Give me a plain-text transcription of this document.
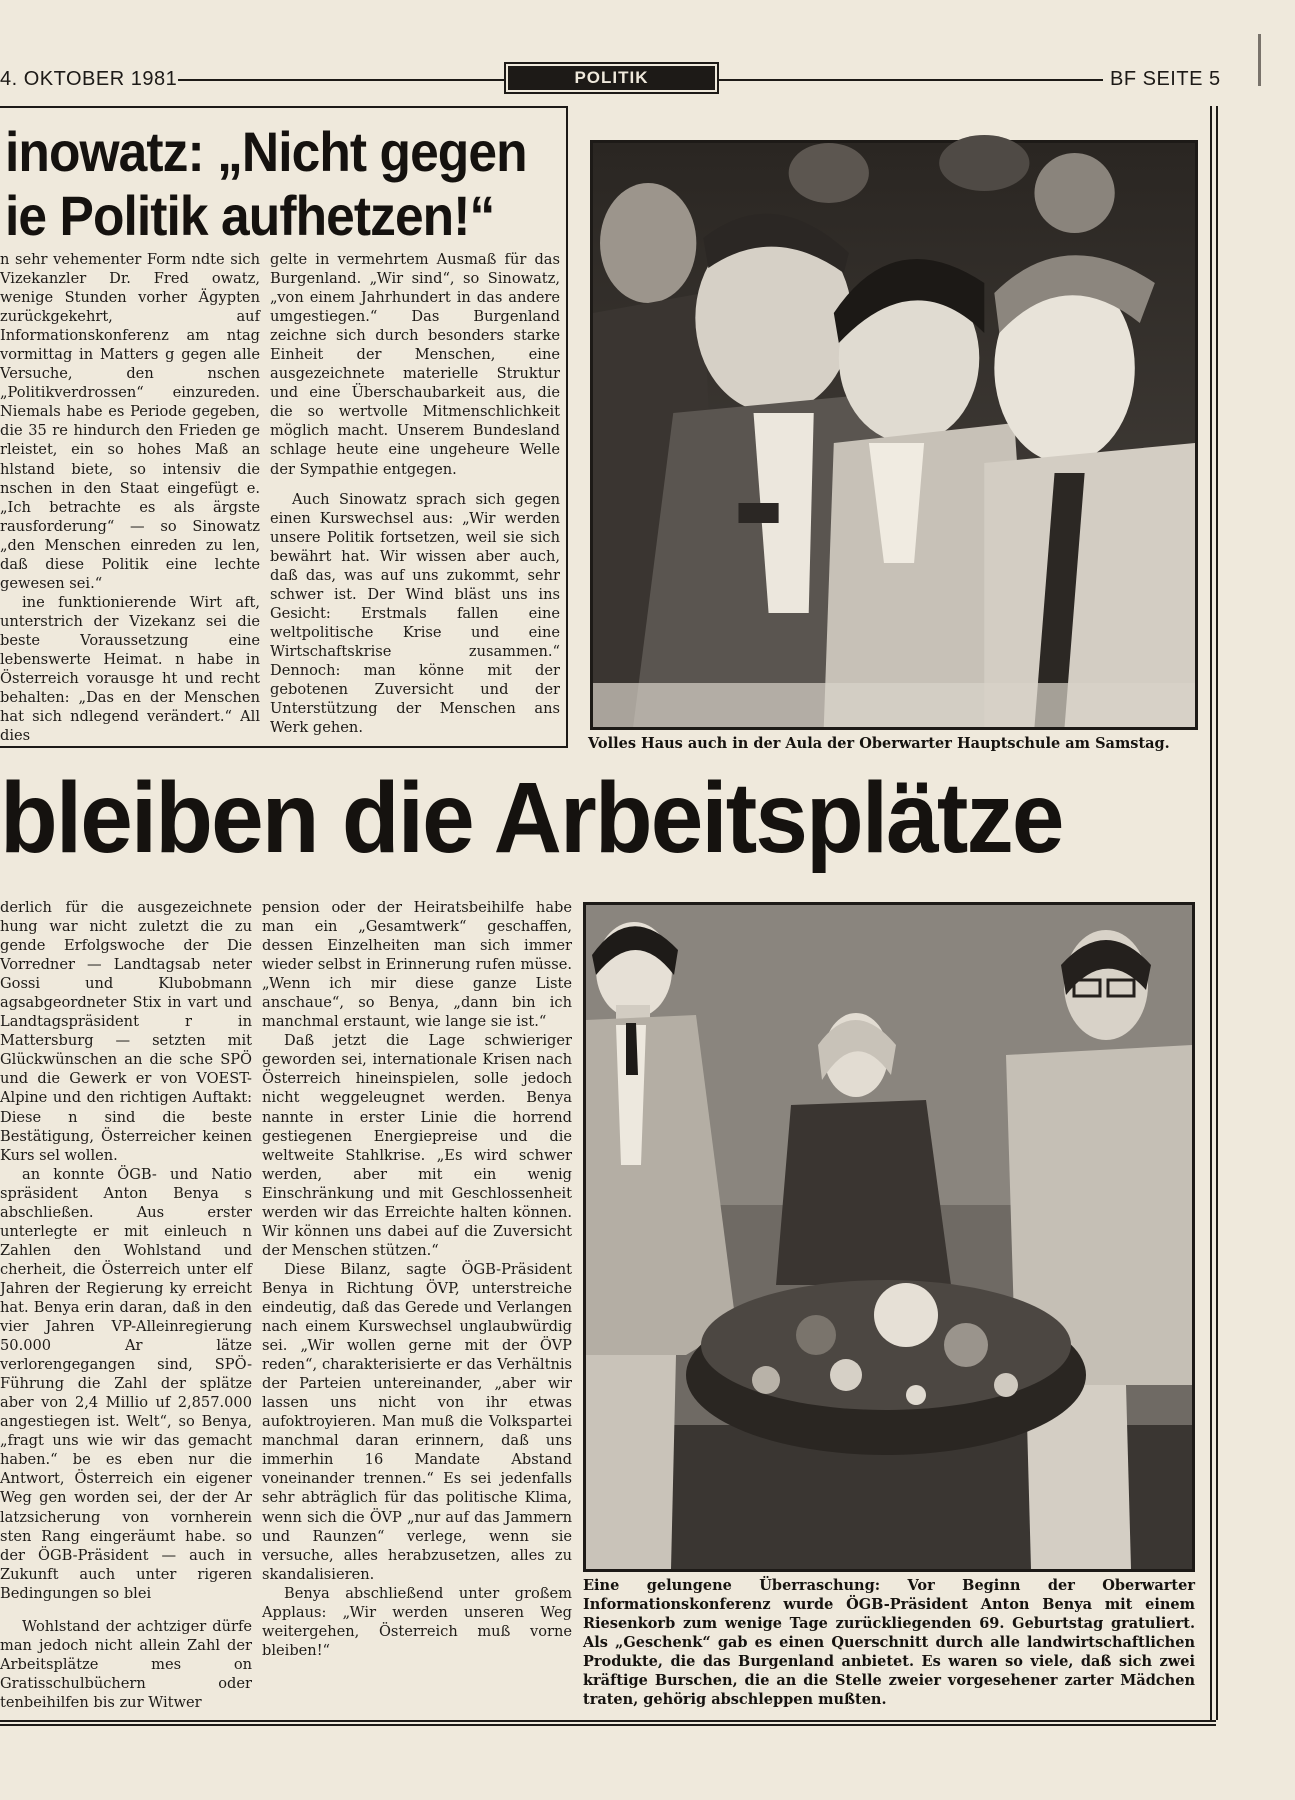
4. OKTOBER 1981	POLITIK	BF SEITE 5
inowatz: „Nicht gegen
ie Politik aufhetzen!“

n sehr vehementer Form ndte sich Vizekanzler Dr. Fred owatz, wenige Stunden vorher Ägypten zurückgekehrt, auf Informationskonferenz am ntag vormittag in Matters g gegen alle Versuche, den nschen „Politikverdrossen“ einzureden. Niemals habe es Periode gegeben, die 35 re hindurch den Frieden ge rleistet, ein so hohes Maß an hlstand biete, so intensiv die nschen in den Staat eingefügt e. „Ich betrachte es als ärgste rausforderung“ — so Sinowatz „den Menschen einreden zu len, daß diese Politik eine lechte gewesen sei.“

ine funktionierende Wirt aft, unterstrich der Vizekanz sei die beste Voraussetzung eine lebenswerte Heimat. n habe in Österreich vorausge ht und recht behalten: „Das en der Menschen hat sich ndlegend verändert.“ All dies

gelte in vermehrtem Ausmaß für das Burgenland. „Wir sind“, so Sinowatz, „von einem Jahrhundert in das andere umgestiegen.“ Das Burgenland zeichne sich durch besonders starke Einheit der Menschen, eine ausgezeichnete materielle Struktur und eine Überschaubarkeit aus, die die so wertvolle Mitmenschlichkeit möglich macht. Unserem Bundesland schlage heute eine ungeheure Welle der Sympathie entgegen.

Auch Sinowatz sprach sich gegen einen Kurswechsel aus: „Wir werden unsere Politik fortsetzen, weil sie sich bewährt hat. Wir wissen aber auch, daß das, was auf uns zukommt, sehr schwer ist. Der Wind bläst uns ins Gesicht: Erstmals fallen eine weltpolitische Krise und eine Wirtschaftskrise zusammen.“ Dennoch: man könne mit der gebotenen Zuversicht und der Unterstützung der Menschen ans Werk gehen.

Volles Haus auch in der Aula der Oberwarter Hauptschule am Samstag.
bleiben die Arbeitsplätze

derlich für die ausgezeichnete hung war nicht zuletzt die zu gende Erfolgswoche der Die Vorredner — Landtagsab neter Gossi und Klubobmann agsabgeordneter Stix in vart und Landtagspräsident r in Mattersburg — setzten mit Glückwünschen an die sche SPÖ und die Gewerk er von VOEST-Alpine und den richtigen Auftakt: Diese n sind die beste Bestätigung, Österreicher keinen Kurs sel wollen.

an konnte ÖGB- und Natio spräsident Anton Benya s abschließen. Aus erster unterlegte er mit einleuch n Zahlen den Wohlstand und cherheit, die Österreich unter elf Jahren der Regierung ky erreicht hat. Benya erin daran, daß in den vier Jahren VP-Alleinregierung 50.000 Ar lätze verlorengegangen sind, SPÖ-Führung die Zahl der splätze aber von 2,4 Millio uf 2,857.000 angestiegen ist. Welt“, so Benya, „fragt uns wie wir das gemacht haben.“ be es eben nur die Antwort, Österreich ein eigener Weg gen worden sei, der der Ar latzsicherung von vornherein sten Rang eingeräumt habe. so der ÖGB-Präsident — auch in Zukunft auch unter rigeren Bedingungen so blei

Wohlstand der achtziger dürfe man jedoch nicht allein Zahl der Arbeitsplätze mes on Gratisschulbüchern oder tenbeihilfen bis zur Witwer

pension oder der Heiratsbeihilfe habe man ein „Gesamtwerk“ geschaffen, dessen Einzelheiten man sich immer wieder selbst in Erinnerung rufen müsse. „Wenn ich mir diese ganze Liste anschaue“, so Benya, „dann bin ich manchmal erstaunt, wie lange sie ist.“

Daß jetzt die Lage schwieriger geworden sei, internationale Krisen nach Österreich hineinspielen, solle jedoch nicht weggeleugnet werden. Benya nannte in erster Linie die horrend gestiegenen Energiepreise und die weltweite Stahlkrise. „Es wird schwer werden, aber mit ein wenig Einschränkung und mit Geschlossenheit werden wir das Erreichte halten können. Wir können uns dabei auf die Zuversicht der Menschen stützen.“

Diese Bilanz, sagte ÖGB-Präsident Benya in Richtung ÖVP, unterstreiche eindeutig, daß das Gerede und Verlangen nach einem Kurswechsel unglaubwürdig sei. „Wir wollen gerne mit der ÖVP reden“, charakterisierte er das Verhältnis der Parteien untereinander, „aber wir lassen uns nicht von ihr etwas aufoktroyieren. Man muß die Volkspartei manchmal daran erinnern, daß uns immerhin 16 Mandate Abstand voneinander trennen.“ Es sei jedenfalls sehr abträglich für das politische Klima, wenn sich die ÖVP „nur auf das Jammern und Raunzen“ verlege, wenn sie versuche, alles herabzusetzen, alles zu skandalisieren.

Benya abschließend unter großem Applaus: „Wir werden unseren Weg weitergehen, Österreich muß vorne bleiben!“

Eine gelungene Überraschung: Vor Beginn der Oberwarter Informationskonferenz wurde ÖGB-Präsident Anton Benya mit einem Riesenkorb zum wenige Tage zurückliegenden 69. Geburtstag gratuliert. Als „Geschenk“ gab es einen Querschnitt durch alle landwirtschaftlichen Produkte, die das Burgenland anbietet. Es waren so viele, daß sich zwei kräftige Burschen, die an die Stelle zweier vorgesehener zarter Mädchen traten, gehörig abschleppen mußten.
